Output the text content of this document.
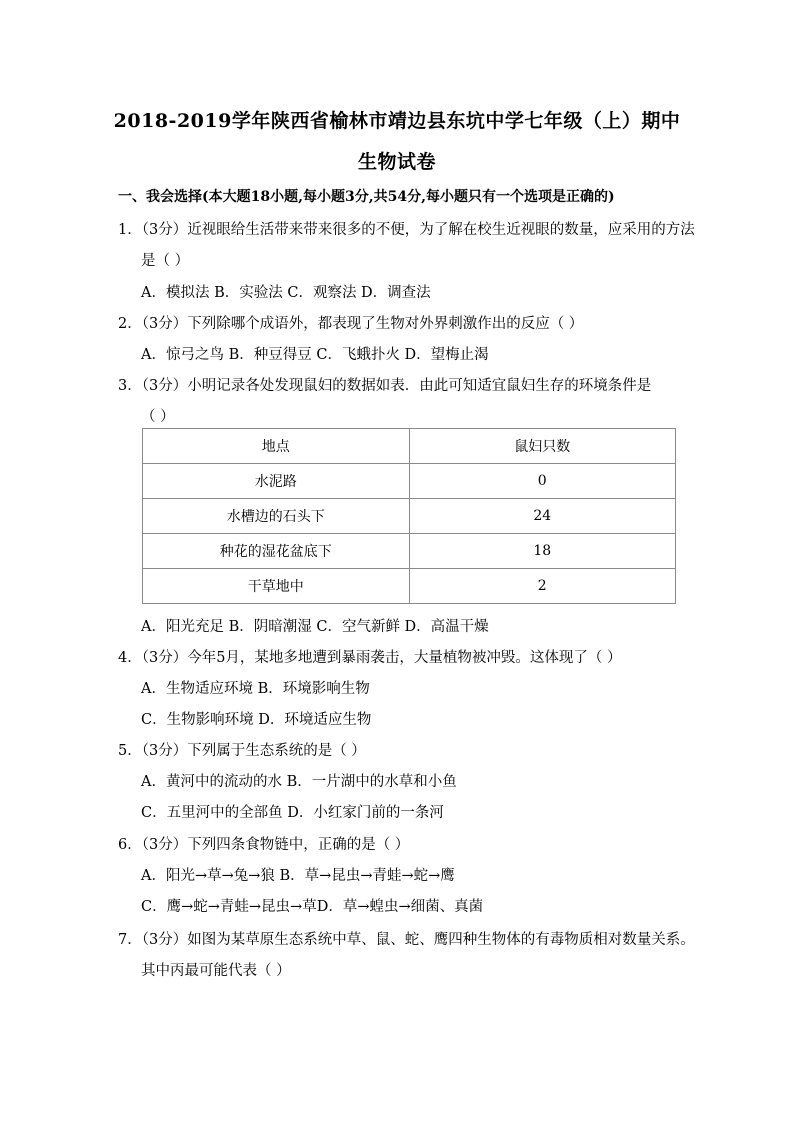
2018-2019学年陕西省榆林市靖边县东坑中学七年级（上）期中
生物试卷
一、我会选择(本大题18小题,每小题3分,共54分,每小题只有一个选项是正确的)
1．（3分）近视眼给生活带来带来很多的不便，为了解在校生近视眼的数量，应采用的方法
是（ ）
A．模拟法 B．实验法 C．观察法 D．调查法
2．（3分）下列除哪个成语外，都表现了生物对外界刺激作出的反应（ ）
A．惊弓之鸟 B．种豆得豆 C．飞蛾扑火 D．望梅止渴
3．（3分）小明记录各处发现鼠妇的数据如表．由此可知适宜鼠妇生存的环境条件是
（ ）
地点	鼠妇只数
水泥路	0
水槽边的石头下	24
种花的湿花盆底下	18
干草地中	2
A．阳光充足 B．阴暗潮湿 C．空气新鲜 D．高温干燥
4．（3分）今年5月，某地多地遭到暴雨袭击，大量植物被冲毁。这体现了（ ）
A．生物适应环境 B．环境影响生物
C．生物影响环境 D．环境适应生物
5．（3分）下列属于生态系统的是（ ）
A．黄河中的流动的水 B．一片湖中的水草和小鱼
C．五里河中的全部鱼 D．小红家门前的一条河
6．（3分）下列四条食物链中，正确的是（ ）
A．阳光→草→兔→狼 B．草→昆虫→青蛙→蛇→鹰
C．鹰→蛇→青蛙→昆虫→草D．草→蝗虫→细菌、真菌
7．（3分）如图为某草原生态系统中草、鼠、蛇、鹰四种生物体的有毒物质相对数量关系。
其中丙最可能代表（ ）
